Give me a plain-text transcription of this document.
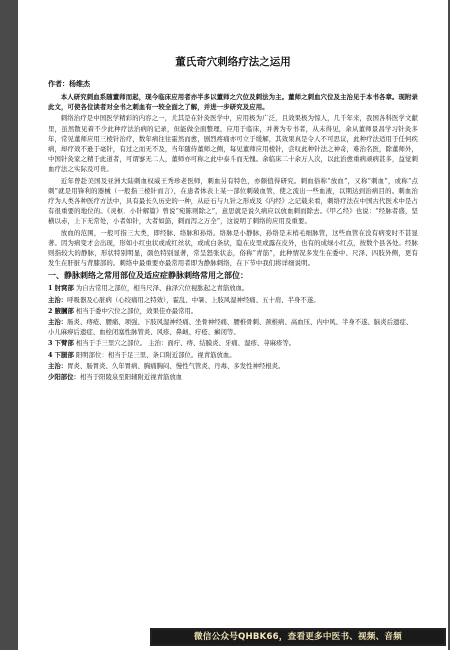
董氏奇穴刺络疗法之运用
作者：杨维杰

本人研究刺血系随董师而起，现今临床应用者亦半多以董师之穴位及刺法为主。董师之刺血穴位及主治见于本书各章。现附录此文，可使各位读者对全书之刺血有一较全面之了解，并进一步研究及应用。

刺络治疗是中国医学精彩的内容之一，尤其是在针灸医学中，应用极为广泛，且效果极为惊人，几千年来，我国各科医学文献里，虽然散见着不少此种疗法治病的记录，但能做全面整理，应用于临床，并著为专书者，从未得见，余从董师景昌学习针灸多年，常见董师应用三棱针治疗，数年病往往霍然而愈，剧烈疼痛亦可立于缓解，其效果真是令人不可思议，此种疗法适用于任何疾病，却疗效不逊于毫针，有过之而无不及，当年随侍董师之侧，每见董师应用棱针，尝叹此种针法之神奇，难治名医，除董师外，中国针灸家之精于此道者，可谓寥无二人，董师亦可称之此中泰斗而无愧。余临床二十余万人次，以此治愈重病顽病甚多，益觉刺血疗法之实际及可贵。

近年曾赴美国及亚洲大陆刺血权威王秀珍老医师，刺血另有特色，亦颇值得研究。刺血俗称“放血”，又称“刺血”，或称“点刺”就是用锋利的器械（一般指三棱针而言），在患者体表上某一部位刺破血管，使之流出一些血液，以期达到治病目的。刺血治疗为人类各种医疗方法中，具有最长久历史的一种，从砭石与九针之形成及《内经》之记载来看，刺络疗法在中国古代医术中是占有很重要的地位的。《灵枢．小针解篇》曾说“宛陈则除之”，意思就是说久病应以放血刺而除去。《甲乙经》也说：“经脉者盛，坚横以赤，上下无常处，小者如针，大者如筯，刺而泻之万全”，这说明了刺络的应用及重要。

放血的范围，一般可指三大类，即经脉、络脉和孙络。络脉是小静脉，孙络是末梢毛细脉管，这些血管在没有病变时不甚显著。因为病变才会出现，形如小红虫状或成红丝状，或成白条状，隐在皮里或露在皮外，也有的成绿小红点，按数个县各处。经脉则指较大的静脉，形状特别明显，颜色特别显著，常呈怒张状态，俗称“青筋”，此种情况多发生在委中、尺泽、四肢外侧，更有发生在肝脏与背膝部的。刺络中最重要亦最常用者即为静脉刺络，在下节中我们将详细说明。

一、静脉刺络之常用部位及适应症静脉刺络常用之部位：

1 肘窝部 为自古常用之部位，相当尺泽、曲泽穴位视肱起之青筋放血。

主治：呼吸器及心脏病（心绞痛用之特效），霍乱、中暑、上肢风湿神经痛、五十肩、半身不遂。

2 腋膕部 相当于委中穴位之部位，效果佳亦最常用。

主治：肠炎、痔疮、腰痛、项强、下肢风湿神经痛、坐骨神经痛、腰椎骨刺、颈椎病、高血压、内中风、半身不遂、脑炎后遗症、小儿麻痹后遗症、血栓闭塞性脉管炎、风疹、鼻衄、疔疮、癣闭等。

3 下臂部 相当于手三里穴之部位。 主治：面疔、痔、结膜炎、牙痛、湿疹、荨麻疹等。

4 下腿部 阳明部位：相当于足三里、条口附近部位。视青筋放血。

主治：胃炎、肠胃炎、久年胃病、胸痛胸闷、慢性气管炎、丹毒、多发性神经根炎。

少阳部位：相当于阳陵泉至阳辅附近视青筋放血

微信公众号QHBK66，查看更多中医书、视频、音频
